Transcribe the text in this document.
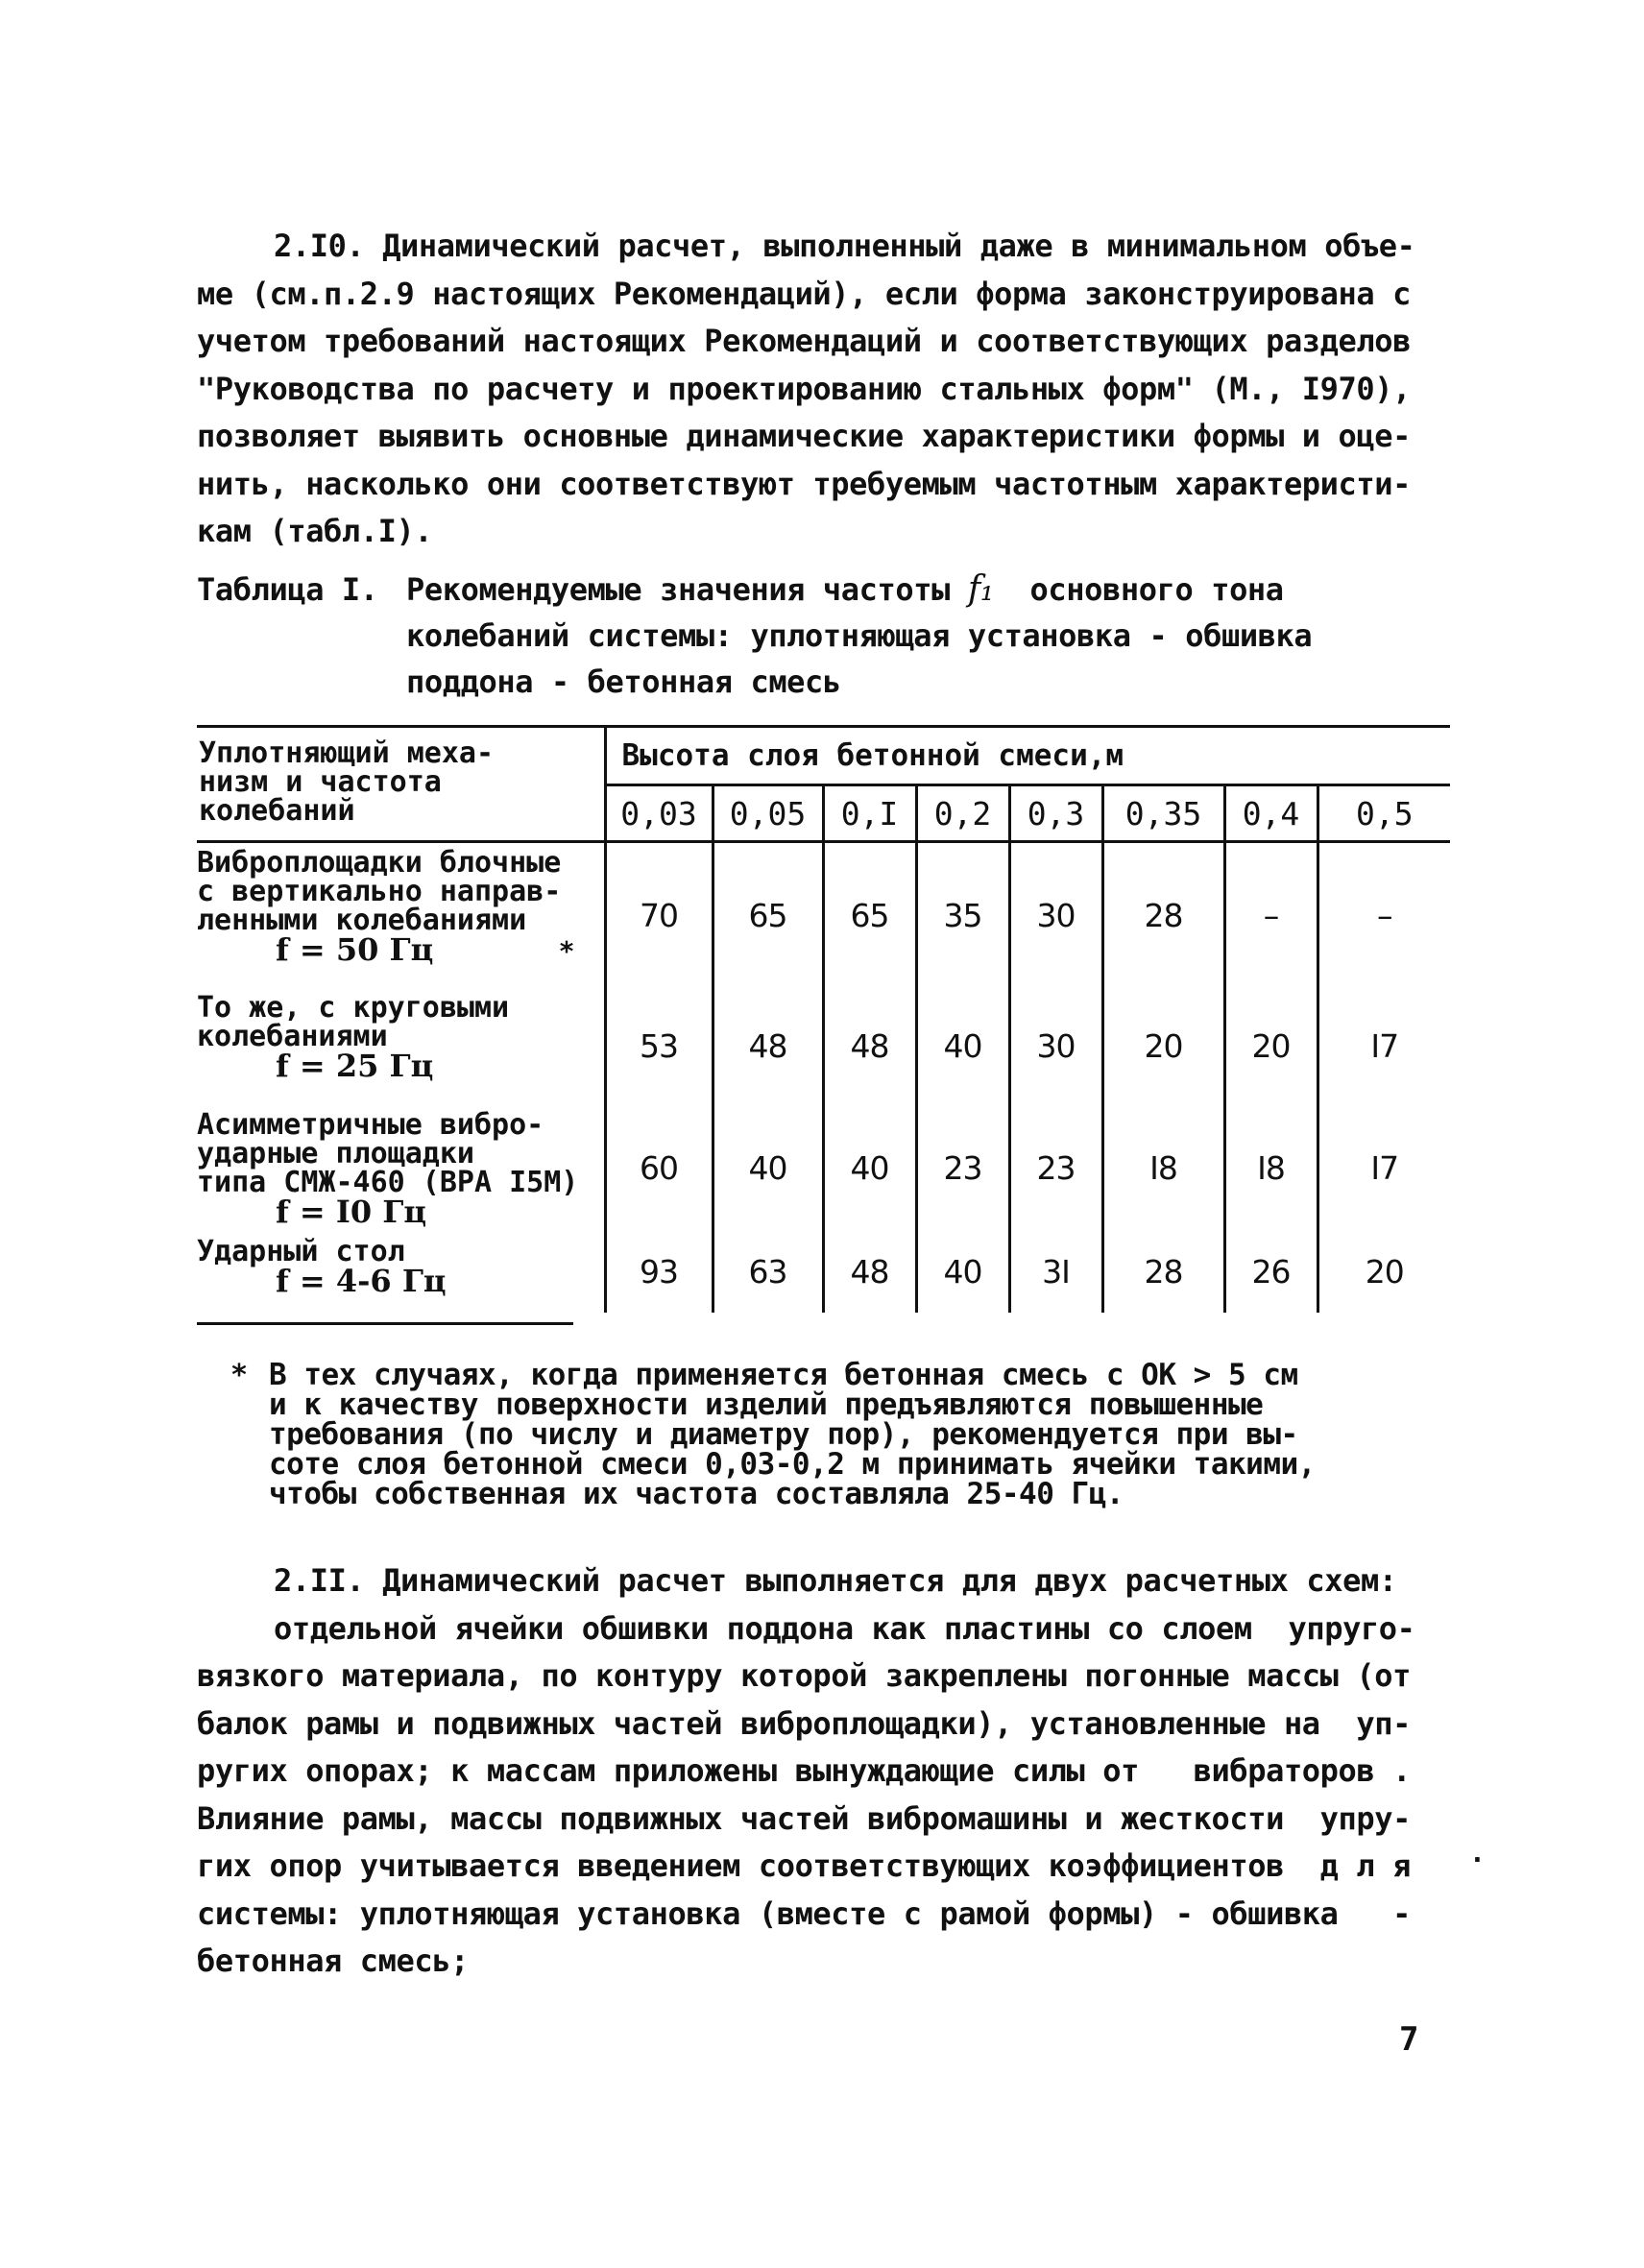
2.I0. Динамический расчет, выполненный даже в минимальном объе-
ме (см.п.2.9 настоящих Рекомендаций), если форма законструирована с
учетом требований настоящих Рекомендаций и соответствующих разделов
"Руководства по расчету и проектированию стальных форм" (М., I970),
позволяет выявить основные динамические характеристики формы и оце-
нить, насколько они соответствуют требуемым частотным характеристи-
кам (табл.I).
Таблица I. Рекомендуемые значения частоты f₁  основного тона
колебаний системы: уплотняющая установка - обшивка
поддона - бетонная смесь
Уплотняющий меха-
низм и частота
колебаний	Высота слоя бетонной смеси,м							
	0,03	0,05	0,I	0,2	0,3	0,35	0,4	0,5

Виброплощадки блочные
с вертикально направ-
ленными колебаниями
f = 50 Гц *	70	65	65	35	30	28	–	–

То же, с круговыми
колебаниями
f = 25 Гц	53	48	48	40	30	20	20	I7

Асимметричные вибро-
ударные площадки
типа СМЖ-460 (ВРА I5М)
f = I0 Гц	60	40	40	23	23	I8	I8	I7

Ударный стол
f = 4-6 Гц	93	63	48	40	3I	28	26	20
* В тех случаях, когда применяется бетонная смесь с ОК > 5 см
и к качеству поверхности изделий предъявляются повышенные
требования (по числу и диаметру пор), рекомендуется при вы-
соте слоя бетонной смеси 0,03-0,2 м принимать ячейки такими,
чтобы собственная их частота составляла 25-40 Гц.
2.II. Динамический расчет выполняется для двух расчетных схем:
отдельной ячейки обшивки поддона как пластины со слоем  упруго-
вязкого материала, по контуру которой закреплены погонные массы (от
балок рамы и подвижных частей виброплощадки), установленные на  уп-
ругих опорах; к массам приложены вынуждающие силы от   вибраторов .
Влияние рамы, массы подвижных частей вибромашины и жесткости  упру-
гих опор учитывается введением соответствующих коэффициентов  д л я
системы: уплотняющая установка (вместе с рамой формы) - обшивка   -
бетонная смесь;
·
7
